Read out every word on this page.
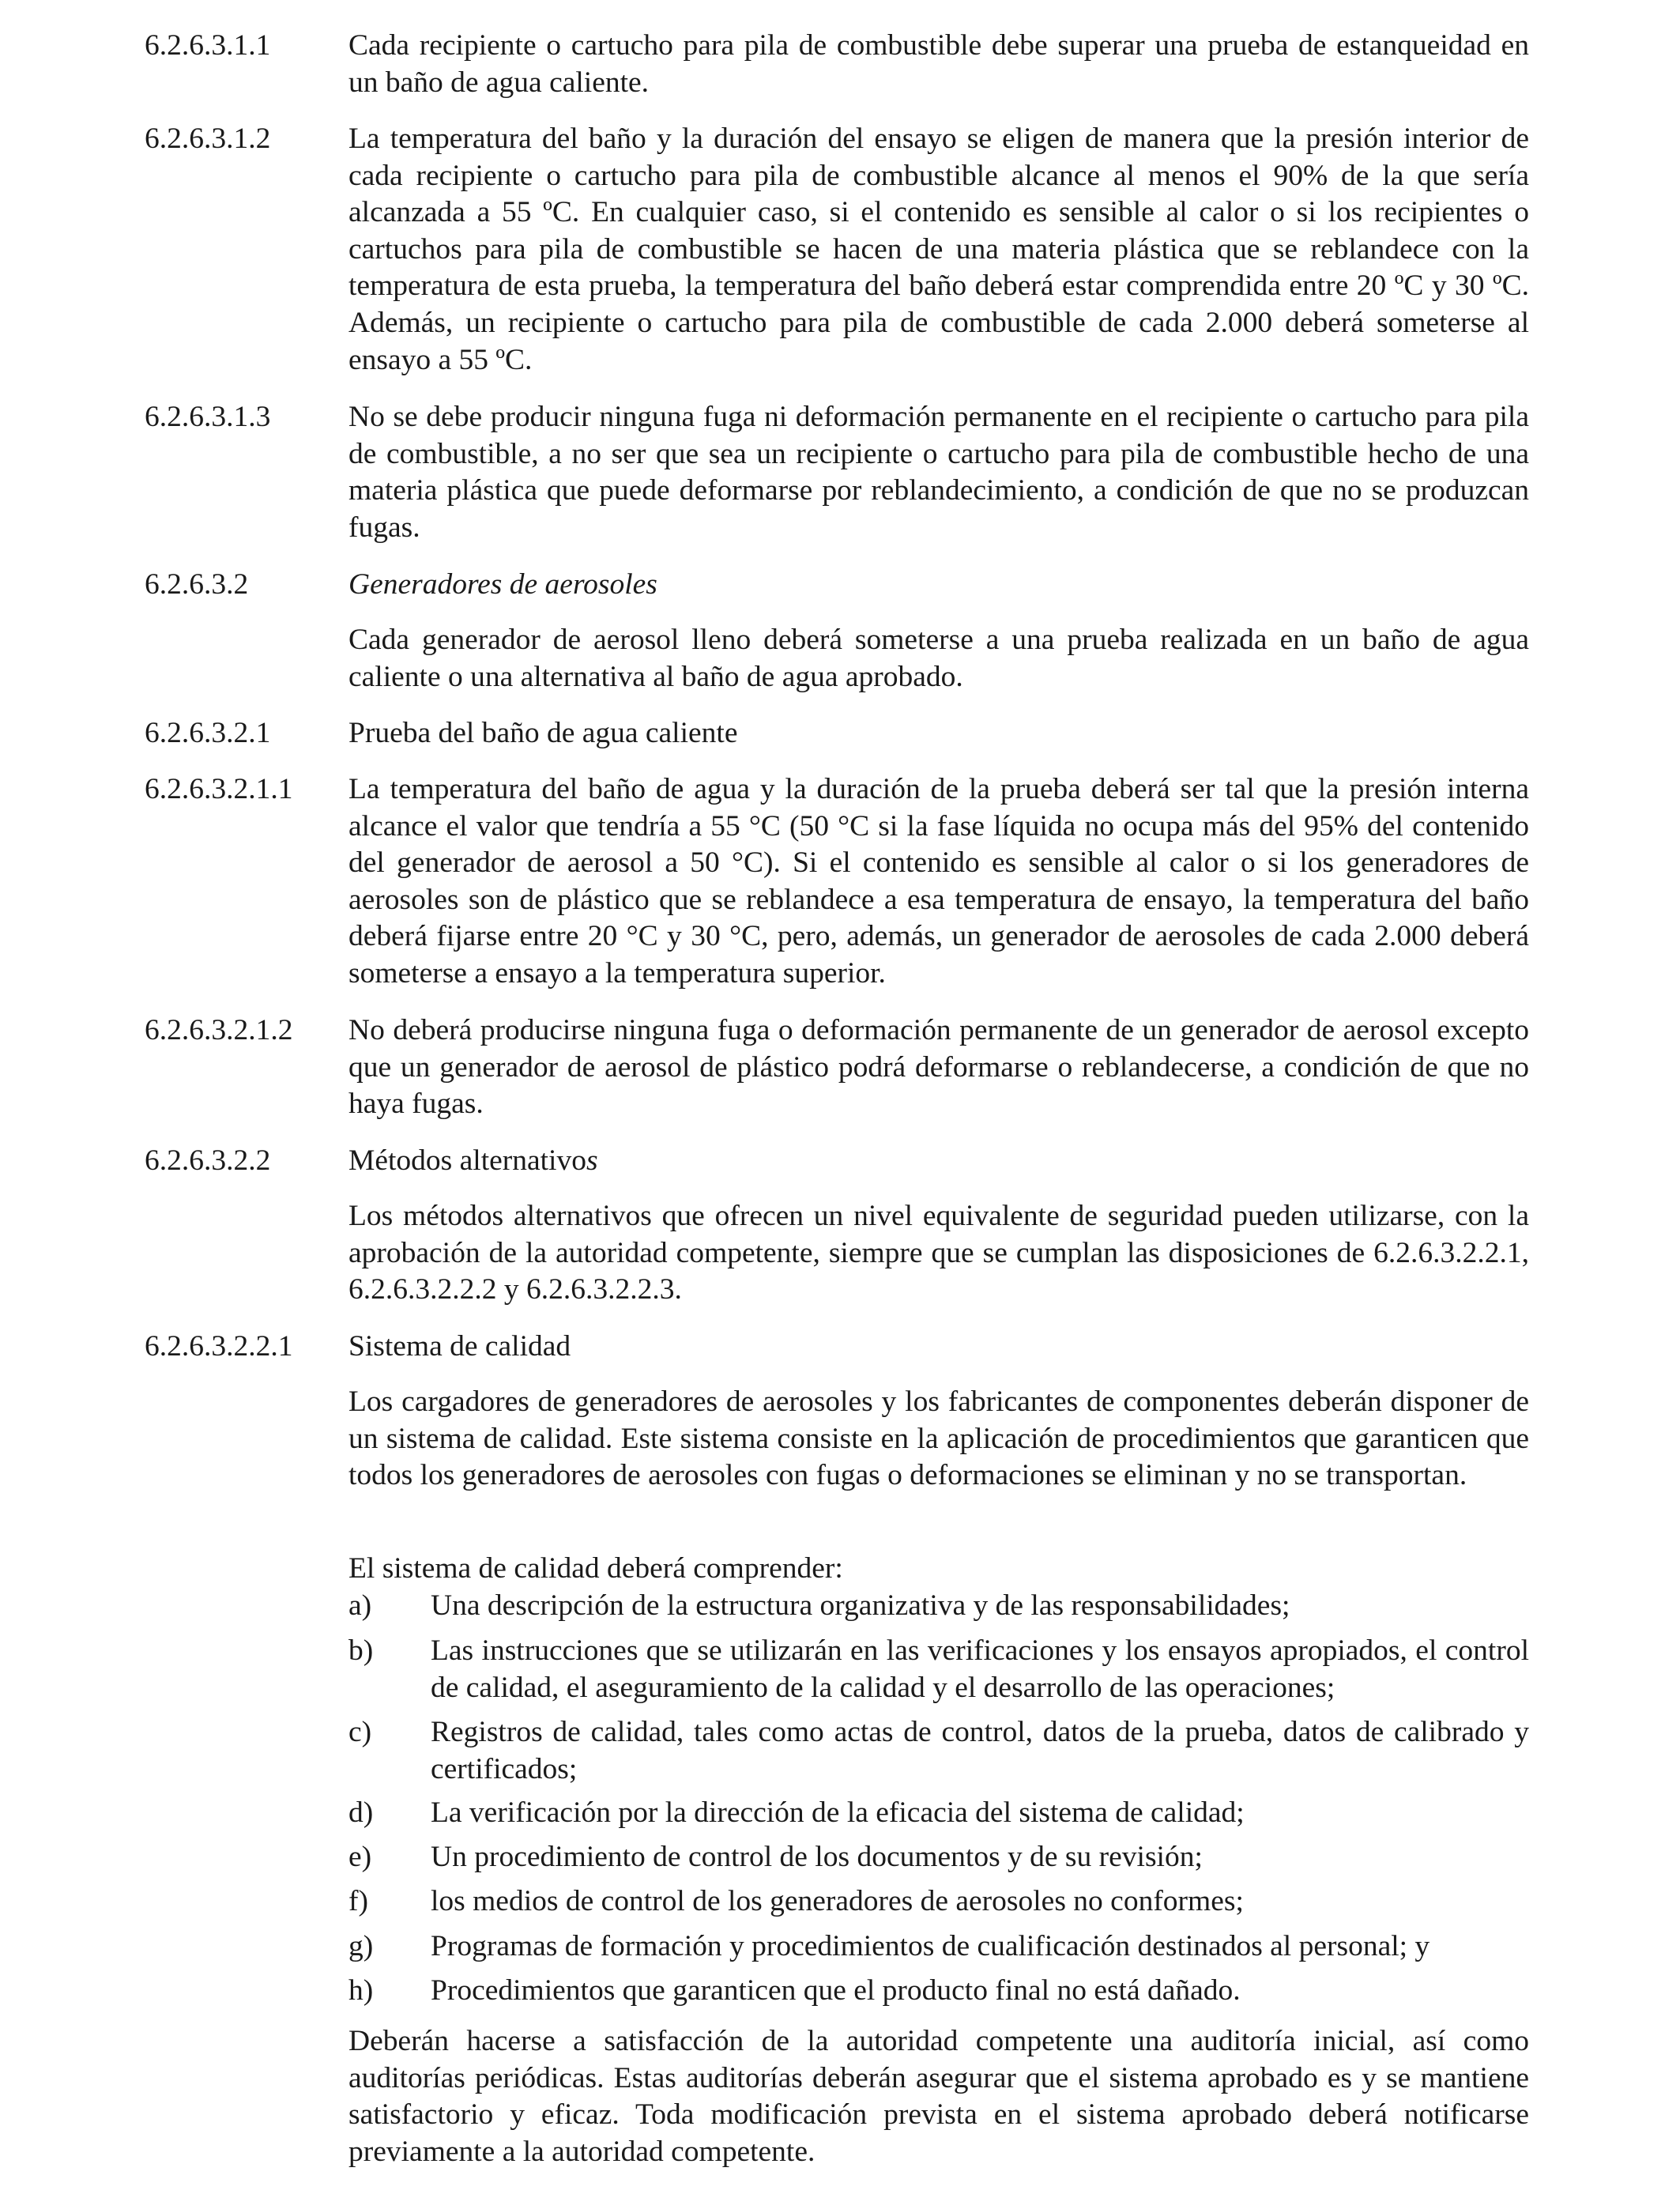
6.2.6.3.1.1	Cada recipiente o cartucho para pila de combustible debe superar una prueba de estanqueidad en un baño de agua caliente.

6.2.6.3.1.2	La temperatura del baño y la duración del ensayo se eligen de manera que la presión interior de cada recipiente o cartucho para pila de combustible alcance al menos el 90% de la que sería alcanzada a 55 ºC. En cualquier caso, si el contenido es sensible al calor o si los recipientes o cartuchos para pila de combustible se hacen de una materia plástica que se reblandece con la temperatura de esta prueba, la temperatura del baño deberá estar comprendida entre 20 ºC y 30 ºC. Además, un recipiente o cartucho para pila de combustible de cada 2.000 deberá someterse al ensayo a 55 ºC.

6.2.6.3.1.3	No se debe producir ninguna fuga ni deformación permanente en el recipiente o cartucho para pila de combustible, a no ser que sea un recipiente o cartucho para pila de combustible hecho de una materia plástica que puede deformarse por reblandecimiento, a condición de que no se produzcan fugas.

6.2.6.3.2	Generadores de aerosoles

Cada generador de aerosol lleno deberá someterse a una prueba realizada en un baño de agua caliente o una alternativa al baño de agua aprobado.

6.2.6.3.2.1	Prueba del baño de agua caliente

6.2.6.3.2.1.1 La temperatura del baño de agua y la duración de la prueba deberá ser tal que la presión interna alcance el valor que tendría a 55 °C (50 °C si la fase líquida no ocupa más del 95% del contenido del generador de aerosol a 50 °C). Si el contenido es sensible al calor o si los generadores de aerosoles son de plástico que se reblandece a esa temperatura de ensayo, la temperatura del baño deberá fijarse entre 20 °C y 30 °C, pero, además, un generador de aerosoles de cada 2.000 deberá someterse a ensayo a la temperatura superior.

6.2.6.3.2.1.2 No deberá producirse ninguna fuga o deformación permanente de un generador de aerosol excepto que un generador de aerosol de plástico podrá deformarse o reblandecerse, a condición de que no haya fugas.

6.2.6.3.2.2	Métodos alternativos

Los métodos alternativos que ofrecen un nivel equivalente de seguridad pueden utilizarse, con la aprobación de la autoridad competente, siempre que se cumplan las disposiciones de 6.2.6.3.2.2.1, 6.2.6.3.2.2.2 y 6.2.6.3.2.2.3.

6.2.6.3.2.2.1 Sistema de calidad

Los cargadores de generadores de aerosoles y los fabricantes de componentes deberán disponer de un sistema de calidad. Este sistema consiste en la aplicación de procedimientos que garanticen que todos los generadores de aerosoles con fugas o deformaciones se eliminan y no se transportan.

El sistema de calidad deberá comprender:

a) Una descripción de la estructura organizativa y de las responsabilidades;
b) Las instrucciones que se utilizarán en las verificaciones y los ensayos apropiados, el control de calidad, el aseguramiento de la calidad y el desarrollo de las operaciones;
c) Registros de calidad, tales como actas de control, datos de la prueba, datos de calibrado y certificados;
d) La verificación por la dirección de la eficacia del sistema de calidad;
e) Un procedimiento de control de los documentos y de su revisión;
f) los medios de control de los generadores de aerosoles no conformes;
g) Programas de formación y procedimientos de cualificación destinados al personal; y
h) Procedimientos que garanticen que el producto final no está dañado.

Deberán hacerse a satisfacción de la autoridad competente una auditoría inicial, así como auditorías periódicas. Estas auditorías deberán asegurar que el sistema aprobado es y se mantiene satisfactorio y eficaz. Toda modificación prevista en el sistema aprobado deberá notificarse previamente a la autoridad competente.
